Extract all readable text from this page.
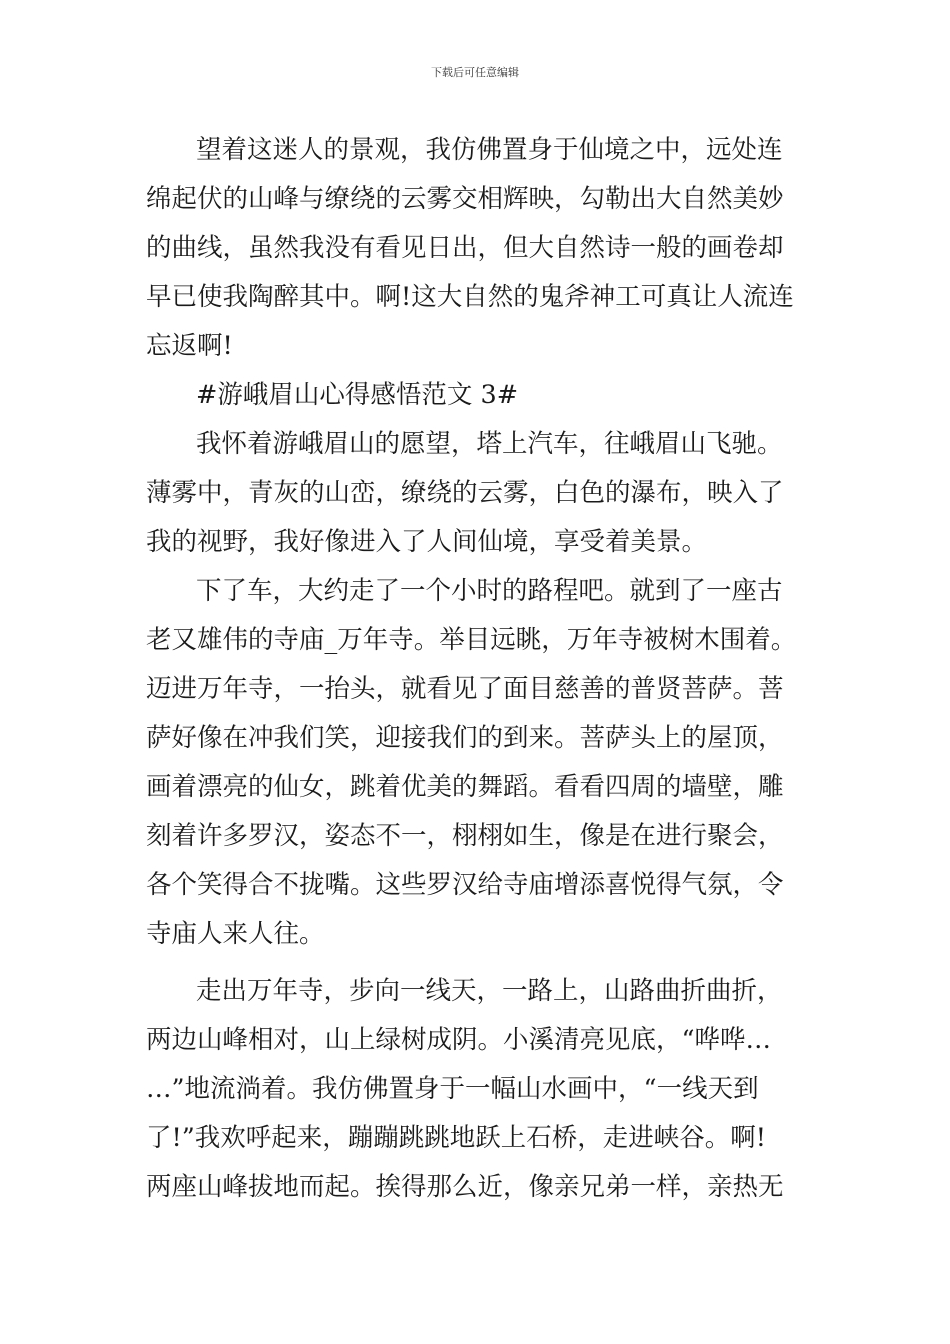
下载后可任意编辑
望着这迷人的景观，我仿佛置身于仙境之中，远处连
绵起伏的山峰与缭绕的云雾交相辉映，勾勒出大自然美妙
的曲线，虽然我没有看见日出，但大自然诗一般的画卷却
早已使我陶醉其中。啊!这大自然的鬼斧神工可真让人流连
忘返啊!
#游峨眉山心得感悟范文 3#
我怀着游峨眉山的愿望，塔上汽车，往峨眉山飞驰。
薄雾中，青灰的山峦，缭绕的云雾，白色的瀑布，映入了
我的视野，我好像进入了人间仙境，享受着美景。
下了车，大约走了一个小时的路程吧。就到了一座古
老又雄伟的寺庙_万年寺。举目远眺，万年寺被树木围着。
迈进万年寺，一抬头，就看见了面目慈善的普贤菩萨。菩
萨好像在冲我们笑，迎接我们的到来。菩萨头上的屋顶，
画着漂亮的仙女，跳着优美的舞蹈。看看四周的墙壁，雕
刻着许多罗汉，姿态不一，栩栩如生，像是在进行聚会，
各个笑得合不拢嘴。这些罗汉给寺庙增添喜悦得气氛，令
寺庙人来人往。
走出万年寺，步向一线天，一路上，山路曲折曲折，
两边山峰相对，山上绿树成阴。小溪清亮见底，“哗哗…
…”地流淌着。我仿佛置身于一幅山水画中，“一线天到
了!”我欢呼起来，蹦蹦跳跳地跃上石桥，走进峡谷。啊!
两座山峰拔地而起。挨得那么近，像亲兄弟一样，亲热无
